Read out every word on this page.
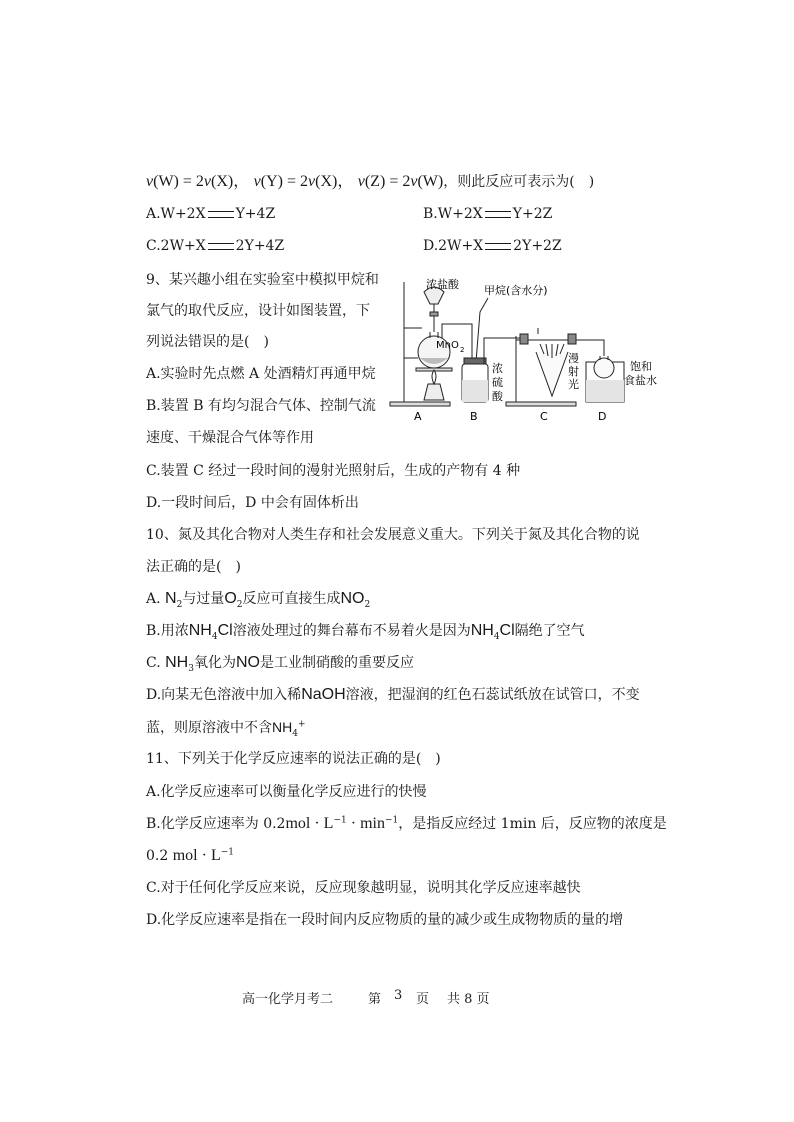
v(W) = 2v(X)， v(Y) = 2v(X)， v(Z) = 2v(W)，则此反应可表示为(　)
A.W+2X Y+4Z	B.W+2X Y+2Z
C.2W+X 2Y+4Z	D.2W+X 2Y+2Z
9、某兴趣小组在实验室中模拟甲烷和
氯气的取代反应，设计如图装置，下
列说法错误的是(　)
A.实验时先点燃 A 处酒精灯再通甲烷
B.装置 B 有均匀混合气体、控制气流
速度、干燥混合气体等作用
C.装置 C 经过一段时间的漫射光照射后，生成的产物有 4 种
D.一段时间后，D 中会有固体析出
浓盐酸 甲烷(含水分)
MnO 2
浓
硫
酸
漫
射
光
饱和
食盐水
A	B	C	D
10、氮及其化合物对人类生存和社会发展意义重大。下列关于氮及其化合物的说
法正确的是(　)
A. $N_2$与过量$O_2$反应可直接生成$NO_2$
B.用浓$NH_4Cl$溶液处理过的舞台幕布不易着火是因为$NH_4Cl$隔绝了空气
C. $NH_3$氧化为NO是工业制硝酸的重要反应
D.向某无色溶液中加入稀NaOH溶液，把湿润的红色石蕊试纸放在试管口，不变
蓝，则原溶液中不含$NH_4^+$
11、下列关于化学反应速率的说法正确的是(　)
A.化学反应速率可以衡量化学反应进行的快慢
B.化学反应速率为 $0.2mol \cdot L^{-1} \cdot \min^{-1}$，是指反应经过 1min 后，反应物的浓度是
0.2 mol · $L^{-1}$
C.对于任何化学反应来说，反应现象越明显，说明其化学反应速率越快
D.化学反应速率是指在一段时间内反应物质的量的减少或生成物物质的量的增
高一化学月考二	第 3 页 共 8 页
